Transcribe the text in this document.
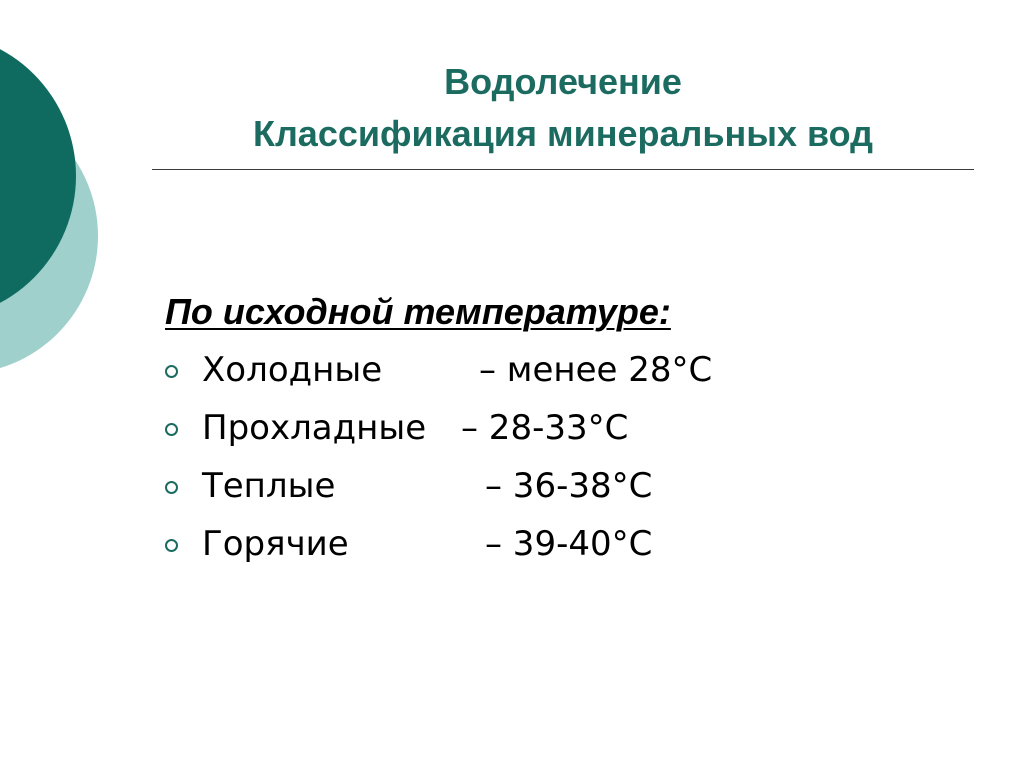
Водолечение
Классификация минеральных вод
По исходной температуре:
Холодные	– менее 28°С
Прохладные – 28-33°С
Теплые	– 36-38°С
Горячие	– 39-40°С
